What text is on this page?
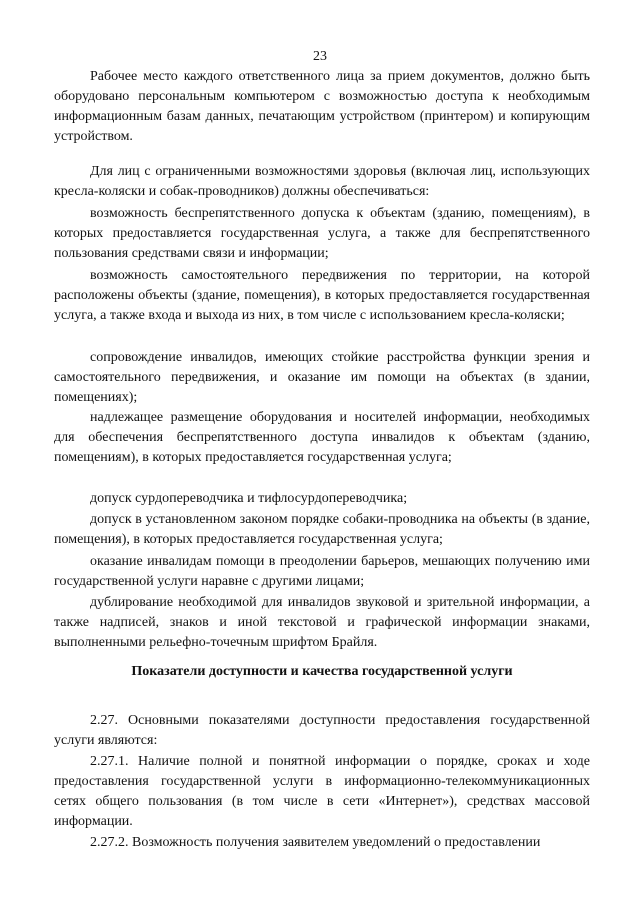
23

Рабочее место каждого ответственного лица за прием документов, должно быть оборудовано персональным компьютером с возможностью доступа к необходимым информационным базам данных, печатающим устройством (принтером) и копирующим устройством.

Для лиц с ограниченными возможностями здоровья (включая лиц, использующих кресла-коляски и собак-проводников) должны обеспечиваться:

возможность беспрепятственного допуска к объектам (зданию, помещениям), в которых предоставляется государственная услуга, а также для беспрепятственного пользования средствами связи и информации;

возможность самостоятельного передвижения по территории, на которой расположены объекты (здание, помещения), в которых предоставляется государственная услуга, а также входа и выхода из них, в том числе с использованием кресла-коляски;

сопровождение инвалидов, имеющих стойкие расстройства функции зрения и самостоятельного передвижения, и оказание им помощи на объектах (в здании, помещениях);

надлежащее размещение оборудования и носителей информации, необходимых для обеспечения беспрепятственного доступа инвалидов к объектам (зданию, помещениям), в которых предоставляется государственная услуга;

допуск сурдопереводчика и тифлосурдопереводчика;

допуск в установленном законом порядке собаки-проводника на объекты (в здание, помещения), в которых предоставляется государственная услуга;

оказание инвалидам помощи в преодолении барьеров, мешающих получению ими государственной услуги наравне с другими лицами;

дублирование необходимой для инвалидов звуковой и зрительной информации, а также надписей, знаков и иной текстовой и графической информации знаками, выполненными рельефно-точечным шрифтом Брайля.

Показатели доступности и качества государственной услуги

2.27. Основными показателями доступности предоставления государственной услуги являются:

2.27.1. Наличие полной и понятной информации о порядке, сроках и ходе предоставления государственной услуги в информационно-телекоммуникационных сетях общего пользования (в том числе в сети «Интернет»), средствах массовой информации.

2.27.2. Возможность получения заявителем уведомлений о предоставлении
